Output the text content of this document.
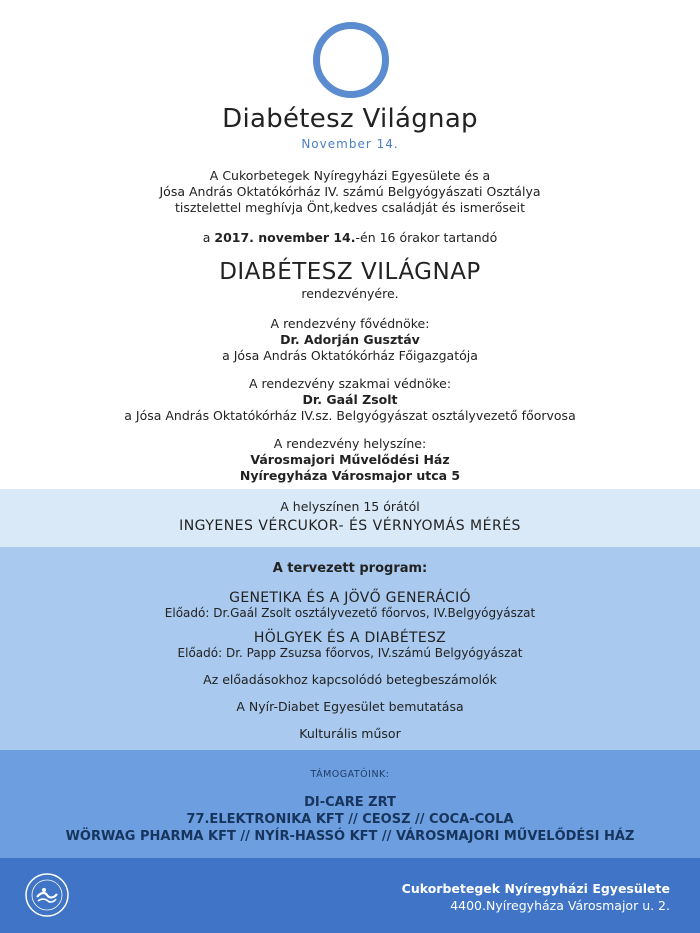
Diabétesz Világnap
November 14.

A Cukorbetegek Nyíregyházi Egyesülete és a

Jósa András Oktatókórház IV. számú Belgyógyászati Osztálya

tisztelettel meghívja Önt,kedves családját és ismerőseit

a 2017. november 14.-én 16 órakor tartandó

DIABÉTESZ VILÁGNAP

rendezvényére.

A rendezvény fővédnöke:

Dr. Adorján Gusztáv

a Jósa András Oktatókórház Főigazgatója

A rendezvény szakmai védnöke:

Dr. Gaál Zsolt

a Jósa András Oktatókórház IV.sz. Belgyógyászat osztályvezető főorvosa

A rendezvény helyszíne:

Városmajori Művelődési Ház

Nyíregyháza Városmajor utca 5

A helyszínen 15 órától
INGYENES VÉRCUKOR- ÉS VÉRNYOMÁS MÉRÉS

A tervezett program:

GENETIKA ÉS A JÖVŐ GENERÁCIÓ

Előadó: Dr.Gaál Zsolt osztályvezető főorvos, IV.Belgyógyászat

HÖLGYEK ÉS A DIABÉTESZ

Előadó: Dr. Papp Zsuzsa főorvos, IV.számú Belgyógyászat

Az előadásokhoz kapcsolódó betegbeszámolók

A Nyír-Diabet Egyesület bemutatása

Kulturális műsor

TÁMOGATÓINK:
DI-CARE ZRT
77.ELEKTRONIKA KFT // CEOSZ // COCA-COLA
WÖRWAG PHARMA KFT // NYÍR-HASSÓ KFT // VÁROSMAJORI MŰVELŐDÉSI HÁZ
Cukorbetegek Nyíregyházi Egyesülete
4400.Nyíregyháza Városmajor u. 2.
